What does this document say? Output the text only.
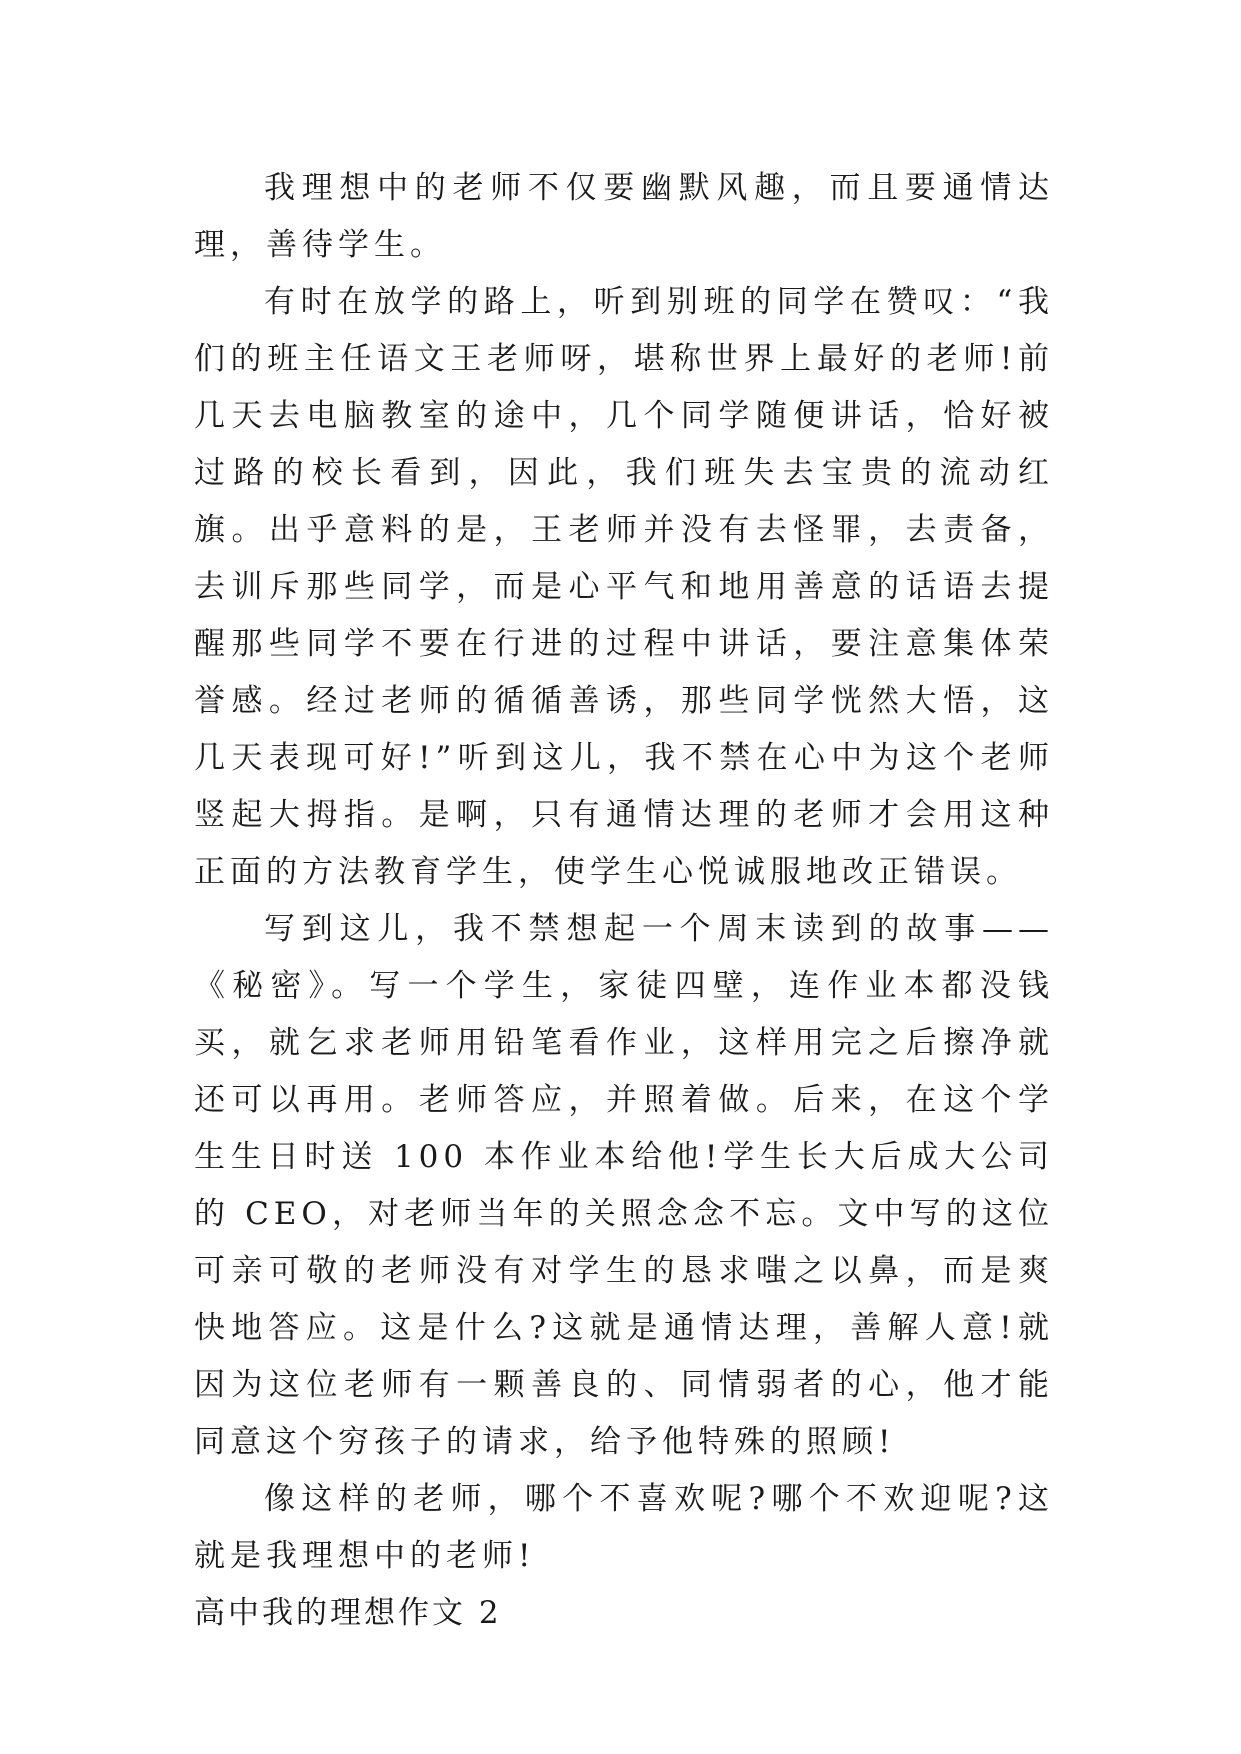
我理想中的老师不仅要幽默风趣，而且要通情达理，善待学生。

有时在放学的路上，听到别班的同学在赞叹：“我们的班主任语文王老师呀，堪称世界上最好的老师!前几天去电脑教室的途中，几个同学随便讲话，恰好被过路的校长看到，因此，我们班失去宝贵的流动红旗。出乎意料的是，王老师并没有去怪罪，去责备，去训斥那些同学，而是心平气和地用善意的话语去提醒那些同学不要在行进的过程中讲话，要注意集体荣誉感。经过老师的循循善诱，那些同学恍然大悟，这几天表现可好!”听到这儿，我不禁在心中为这个老师竖起大拇指。是啊，只有通情达理的老师才会用这种正面的方法教育学生，使学生心悦诚服地改正错误。

写到这儿，我不禁想起一个周末读到的故事——《秘密》。写一个学生，家徒四壁，连作业本都没钱买，就乞求老师用铅笔看作业，这样用完之后擦净就还可以再用。老师答应，并照着做。后来，在这个学生生日时送 100 本作业本给他!学生长大后成大公司的 CEO，对老师当年的关照念念不忘。文中写的这位可亲可敬的老师没有对学生的恳求嗤之以鼻，而是爽快地答应。这是什么?这就是通情达理，善解人意!就因为这位老师有一颗善良的、同情弱者的心，他才能同意这个穷孩子的请求，给予他特殊的照顾!

像这样的老师，哪个不喜欢呢?哪个不欢迎呢?这就是我理想中的老师!

高中我的理想作文 2
